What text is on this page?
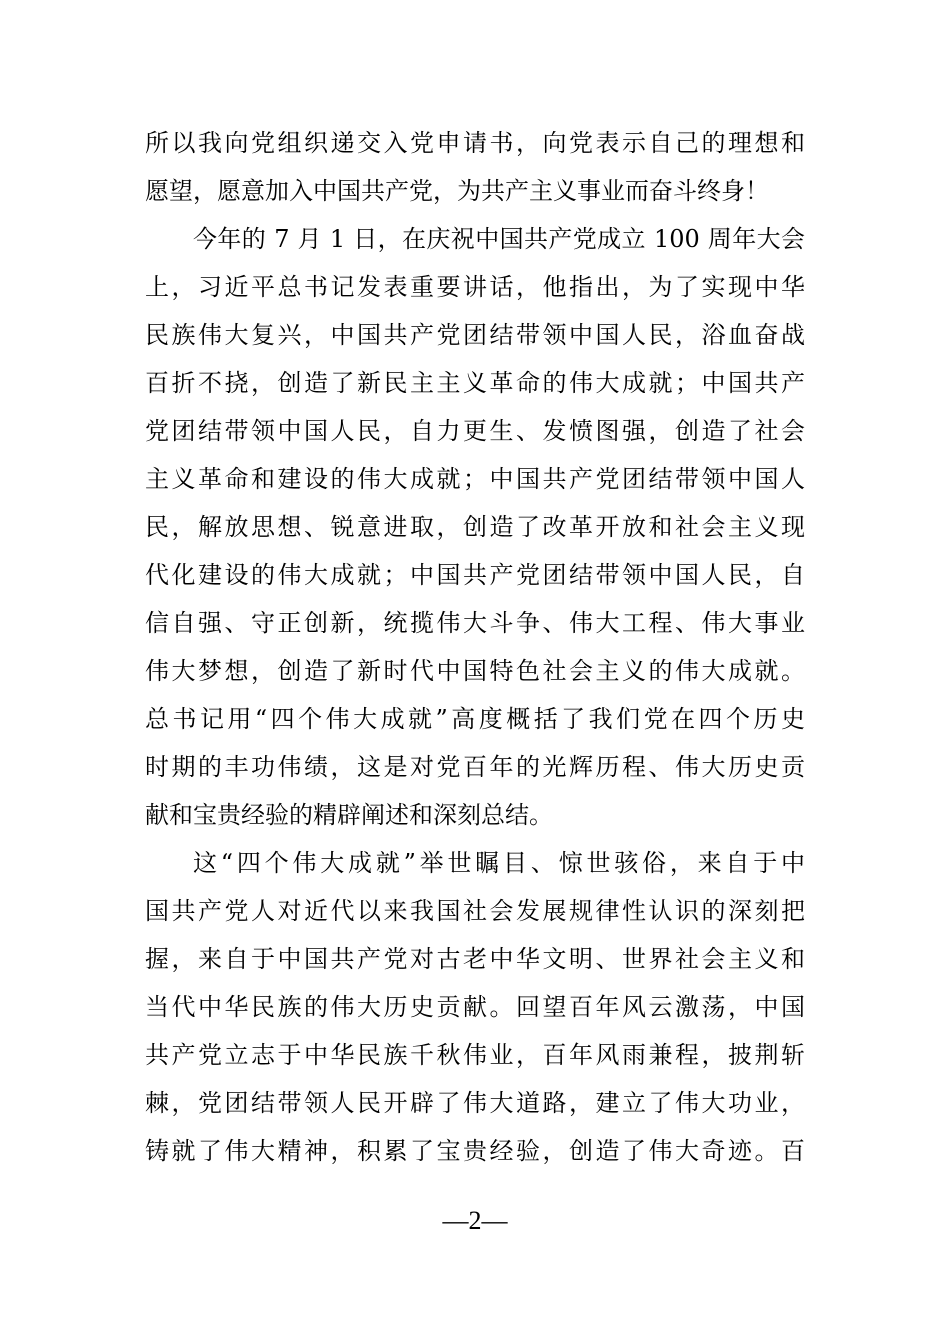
所以我向党组织递交入党申请书，向党表示自己的理想和
愿望，愿意加入中国共产党，为共产主义事业而奋斗终身！
今年的 7 月 1 日，在庆祝中国共产党成立 100 周年大会
上，习近平总书记发表重要讲话，他指出，为了实现中华
民族伟大复兴，中国共产党团结带领中国人民，浴血奋战
百折不挠，创造了新民主主义革命的伟大成就；中国共产
党团结带领中国人民，自力更生、发愤图强，创造了社会
主义革命和建设的伟大成就；中国共产党团结带领中国人
民，解放思想、锐意进取，创造了改革开放和社会主义现
代化建设的伟大成就；中国共产党团结带领中国人民，自
信自强、守正创新，统揽伟大斗争、伟大工程、伟大事业
伟大梦想，创造了新时代中国特色社会主义的伟大成就。
总书记用“四个伟大成就”高度概括了我们党在四个历史
时期的丰功伟绩，这是对党百年的光辉历程、伟大历史贡
献和宝贵经验的精辟阐述和深刻总结。
这“四个伟大成就”举世瞩目、惊世骇俗，来自于中
国共产党人对近代以来我国社会发展规律性认识的深刻把
握，来自于中国共产党对古老中华文明、世界社会主义和
当代中华民族的伟大历史贡献。回望百年风云激荡，中国
共产党立志于中华民族千秋伟业，百年风雨兼程，披荆斩
棘，党团结带领人民开辟了伟大道路，建立了伟大功业，
铸就了伟大精神，积累了宝贵经验，创造了伟大奇迹。百
—2—
